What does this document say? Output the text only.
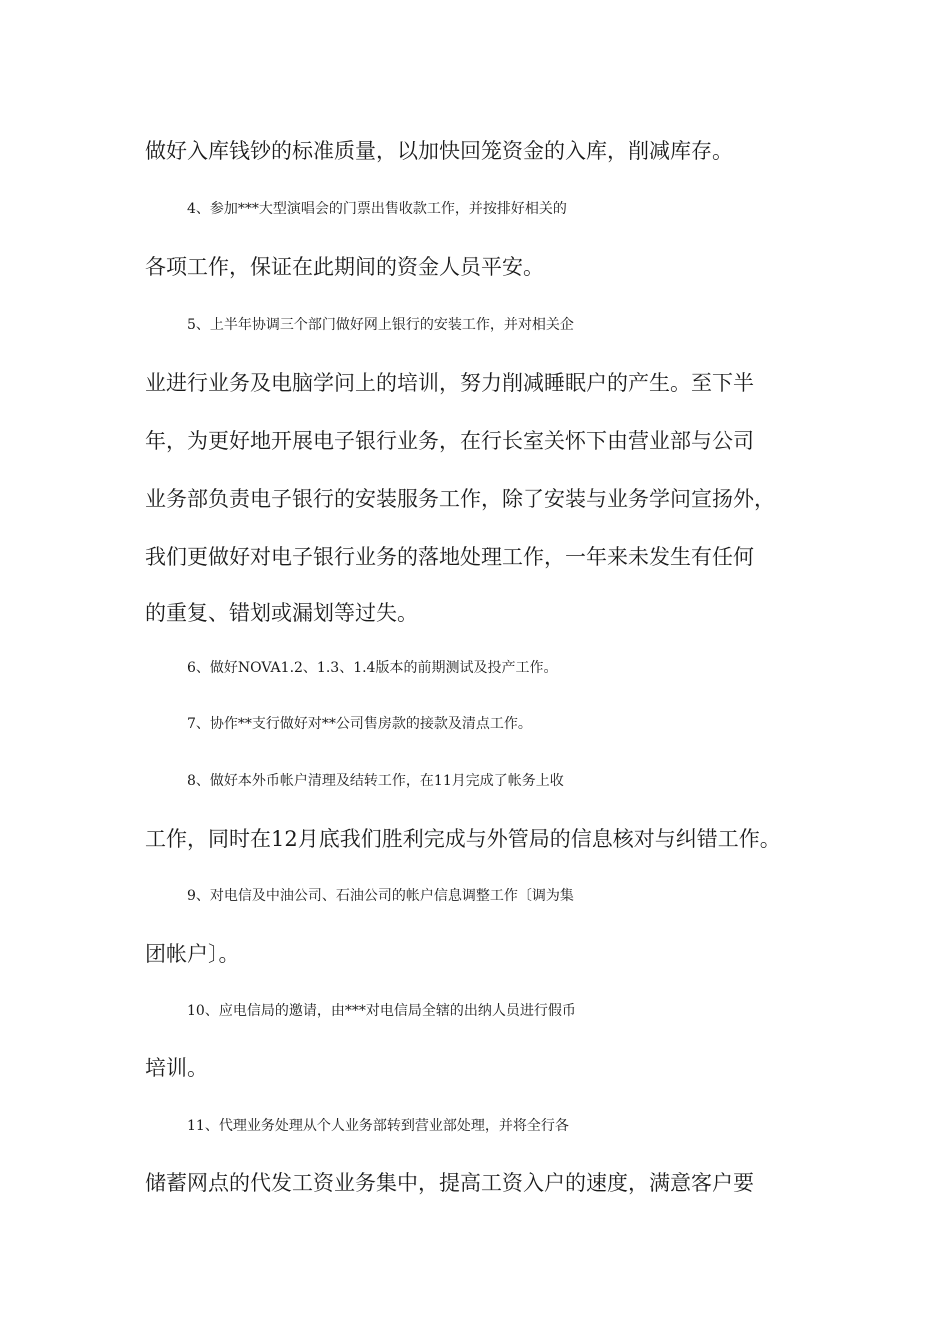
做好入库钱钞的标准质量，以加快回笼资金的入库，削减库存。

4、参加***大型演唱会的门票出售收款工作，并按排好相关的

各项工作，保证在此期间的资金人员平安。

5、上半年协调三个部门做好网上银行的安装工作，并对相关企

业进行业务及电脑学问上的培训，努力削减睡眠户的产生。至下半

年，为更好地开展电子银行业务，在行长室关怀下由营业部与公司

业务部负责电子银行的安装服务工作，除了安装与业务学问宣扬外，

我们更做好对电子银行业务的落地处理工作，一年来未发生有任何

的重复、错划或漏划等过失。

6、做好NOVA1.2、1.3、1.4版本的前期测试及投产工作。

7、协作**支行做好对**公司售房款的接款及清点工作。

8、做好本外币帐户清理及结转工作，在11月完成了帐务上收

工作，同时在12月底我们胜利完成与外管局的信息核对与纠错工作。

9、对电信及中油公司、石油公司的帐户信息调整工作〔调为集

团帐户〕。

10、应电信局的邀请，由***对电信局全辖的出纳人员进行假币

培训。

11、代理业务处理从个人业务部转到营业部处理，并将全行各

储蓄网点的代发工资业务集中，提高工资入户的速度，满意客户要
